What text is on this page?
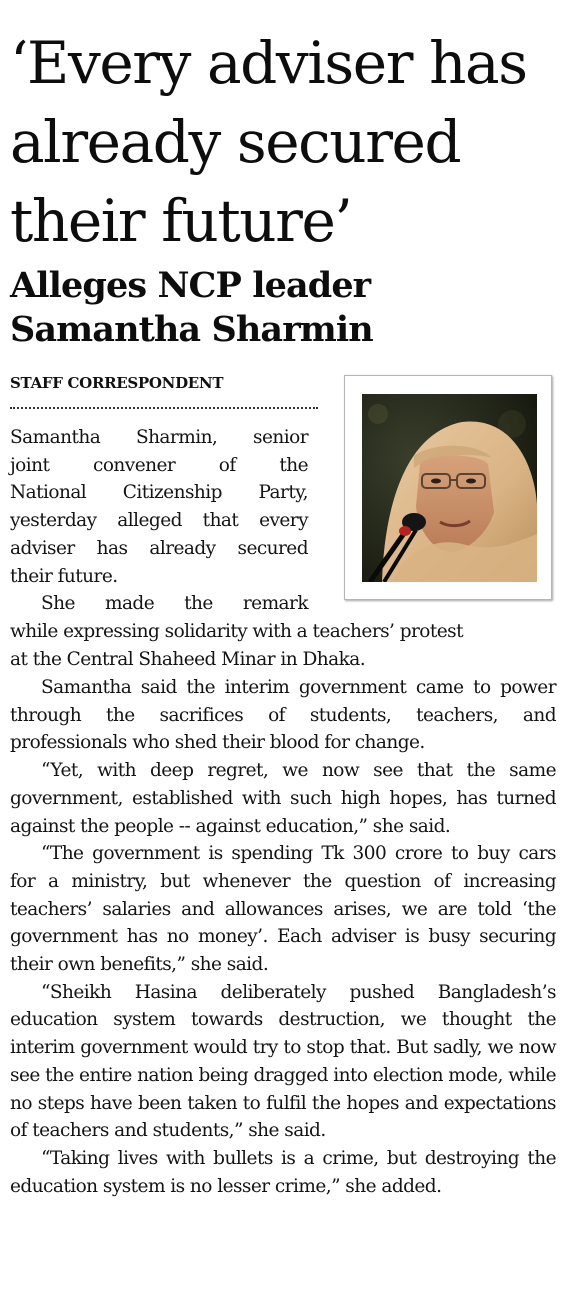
‘Every adviser has
already secured
their future’
Alleges NCP leader
Samantha Sharmin
STAFF CORRESPONDENT
Samantha Sharmin, senior
joint convener of the
National Citizenship Party,
yesterday alleged that every
adviser has already secured
their future.
She made the remark
while expressing solidarity with a teachers’ protest
at the Central Shaheed Minar in Dhaka.

Samantha said the interim government came to power through the sacrifices of students, teachers, and professionals who shed their blood for change.

“Yet, with deep regret, we now see that the same government, established with such high hopes, has turned against the people -- against education,” she said.

“The government is spending Tk 300 crore to buy cars for a ministry, but whenever the question of increasing teachers’ salaries and allowances arises, we are told ‘the government has no money’. Each adviser is busy securing their own benefits,” she said.

“Sheikh Hasina deliberately pushed Bangladesh’s education system towards destruction, we thought the interim government would try to stop that. But sadly, we now see the entire nation being dragged into election mode, while no steps have been taken to fulfil the hopes and expectations of teachers and students,” she said.

“Taking lives with bullets is a crime, but destroying the education system is no lesser crime,” she added.
